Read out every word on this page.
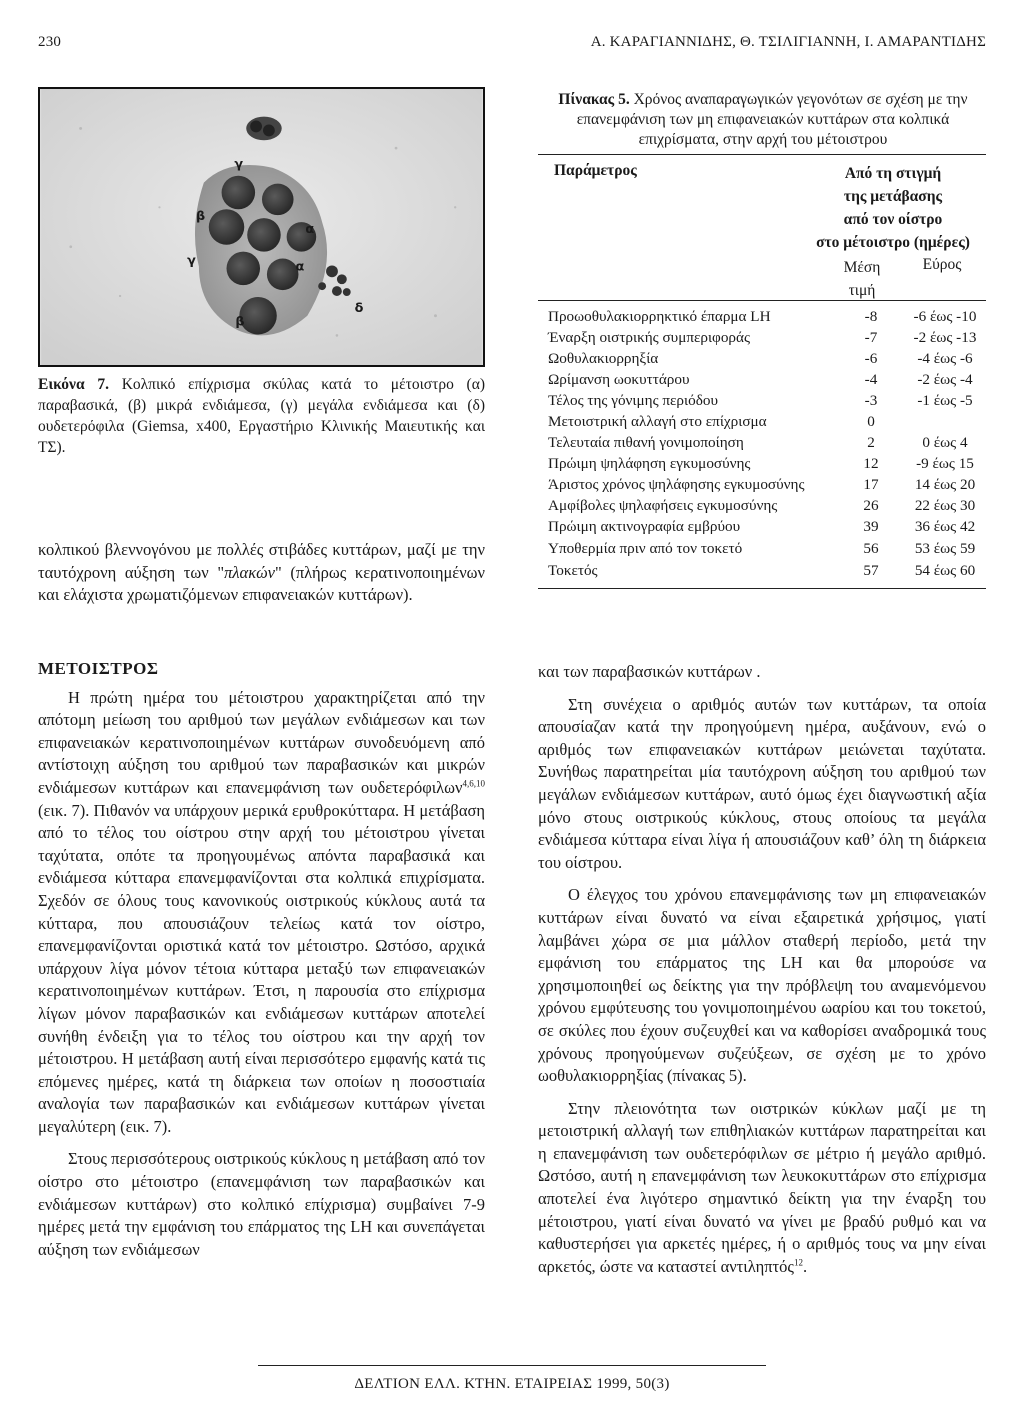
230	Α. ΚΑΡΑΓΙΑΝΝΙΔΗΣ, Θ. ΤΣΙΛΙΓΙΑΝΝΗ, Ι. ΑΜΑΡΑΝΤΙΔΗΣ
γ
β
α
γ	α
δ
β
Εικόνα 7. Κολπικό επίχρισμα σκύλας κατά το μέτοιστρο (α) παραβασικά, (β) μικρά ενδιάμεσα, (γ) μεγάλα ενδιάμεσα και (δ) ουδετερόφιλα (Giemsa, x400, Εργαστήριο Κλινικής Μαιευτικής και ΤΣ).

κολπικού βλεννογόνου με πολλές στιβάδες κυττάρων, μαζί με την ταυτόχρονη αύξηση των "πλακών" (πλήρως κερατινοποιημένων και ελάχιστα χρωματιζόμενων επιφανειακών κυττάρων).

ΜΕΤΟΙΣΤΡΟΣ

Η πρώτη ημέρα του μέτοιστρου χαρακτηρίζεται από την απότομη μείωση του αριθμού των μεγάλων ενδιάμεσων και των επιφανειακών κερατινοποιημένων κυττάρων συνοδευόμενη από αντίστοιχη αύξηση του αριθμού των παραβασικών και μικρών ενδιάμεσων κυττάρων και επανεμφάνιση των ουδετερόφιλων$^{4,6,10}$ (εικ. 7). Πιθανόν να υπάρχουν μερικά ερυθροκύτταρα. Η μετάβαση από το τέλος του οίστρου στην αρχή του μέτοιστρου γίνεται ταχύτατα, οπότε τα προηγουμένως απόντα παραβασικά και ενδιάμεσα κύτταρα επανεμφανίζονται στα κολπικά επιχρίσματα. Σχεδόν σε όλους τους κανονικούς οιστρικούς κύκλους αυτά τα κύτταρα, που απουσιάζουν τελείως κατά τον οίστρο, επανεμφανίζονται οριστικά κατά τον μέτοιστρο. Ωστόσο, αρχικά υπάρχουν λίγα μόνον τέτοια κύτταρα μεταξύ των επιφανειακών κερατινοποιημένων κυττάρων. Έτσι, η παρουσία στο επίχρισμα λίγων μόνον παραβασικών και ενδιάμεσων κυττάρων αποτελεί συνήθη ένδειξη για το τέλος του οίστρου και την αρχή τον μέτοιστρου. Η μετάβαση αυτή είναι περισσότερο εμφανής κατά τις επόμενες ημέρες, κατά τη διάρκεια των οποίων η ποσοστιαία αναλογία των παραβασικών και ενδιάμεσων κυττάρων γίνεται μεγαλύτερη (εικ. 7).

Στους περισσότερους οιστρικούς κύκλους η μετάβαση από τον οίστρο στο μέτοιστρο (επανεμφάνιση των παραβασικών και ενδιάμεσων κυττάρων) στο κολπικό επίχρισμα) συμβαίνει 7-9 ημέρες μετά την εμφάνιση του επάρματος της LH και συνεπάγεται αύξηση των ενδιάμεσων

Πίνακας 5. Χρόνος αναπαραγωγικών γεγονότων σε σχέση με την επανεμφάνιση των μη επιφανειακών κυττάρων στα κολπικά επιχρίσματα, στην αρχή του μέτοιστρου
Παράμετρος	Από τη στιγμή
της μετάβασης
από τον οίστρο
στο μέτοιστρο (ημέρες)
Μέση
τιμή
Εύρος
Προωοθυλακιορρηκτικό έπαρμα LH	-8	-6 έως -10
Έναρξη οιστρικής συμπεριφοράς	-7	-2 έως -13
Ωοθυλακιορρηξία	-6	-4 έως -6
Ωρίμανση ωοκυττάρου	-4	-2 έως -4
Τέλος της γόνιμης περιόδου	-3	-1 έως -5
Μετοιστρική αλλαγή στο επίχρισμα	0
Τελευταία πιθανή γονιμοποίηση	2	0 έως 4
Πρώιμη ψηλάφηση εγκυμοσύνης	12	-9 έως 15
Άριστος χρόνος ψηλάφησης εγκυμοσύνης	17	14 έως 20
Αμφίβολες ψηλαφήσεις εγκυμοσύνης	26	22 έως 30
Πρώιμη ακτινογραφία εμβρύου	39	36 έως 42
Υποθερμία πριν από τον τοκετό	56	53 έως 59
Τοκετός	57	54 έως 60

και των παραβασικών κυττάρων .

Στη συνέχεια ο αριθμός αυτών των κυττάρων, τα οποία απουσίαζαν κατά την προηγούμενη ημέρα, αυξάνουν, ενώ ο αριθμός των επιφανειακών κυττάρων μειώνεται ταχύτατα. Συνήθως παρατηρείται μία ταυτόχρονη αύξηση του αριθμού των μεγάλων ενδιάμεσων κυττάρων, αυτό όμως έχει διαγνωστική αξία μόνο στους οιστρικούς κύκλους, στους οποίους τα μεγάλα ενδιάμεσα κύτταρα είναι λίγα ή απουσιάζουν καθ’ όλη τη διάρκεια του οίστρου.

Ο έλεγχος του χρόνου επανεμφάνισης των μη επιφανειακών κυττάρων είναι δυνατό να είναι εξαιρετικά χρήσιμος, γιατί λαμβάνει χώρα σε μια μάλλον σταθερή περίοδο, μετά την εμφάνιση του επάρματος της LH και θα μπορούσε να χρησιμοποιηθεί ως δείκτης για την πρόβλεψη του αναμενόμενου χρόνου εμφύτευσης του γονιμοποιημένου ωαρίου και του τοκετού, σε σκύλες που έχουν συζευχθεί και να καθορίσει αναδρομικά τους χρόνους προηγούμενων συζεύξεων, σε σχέση με το χρόνο ωοθυλακιορρηξίας (πίνακας 5).

Στην πλειονότητα των οιστρικών κύκλων μαζί με τη μετοιστρική αλλαγή των επιθηλιακών κυττάρων παρατηρείται και η επανεμφάνιση των ουδετερόφιλων σε μέτριο ή μεγάλο αριθμό. Ωστόσο, αυτή η επανεμφάνιση των λευκοκυττάρων στο επίχρισμα αποτελεί ένα λιγότερο σημαντικό δείκτη για την έναρξη του μέτοιστρου, γιατί είναι δυνατό να γίνει με βραδύ ρυθμό και να καθυστερήσει για αρκετές ημέρες, ή ο αριθμός τους να μην είναι αρκετός, ώστε να καταστεί αντιληπτός$^{12}$.

ΔΕΛΤΙΟΝ ΕΛΛ. ΚΤΗΝ. ΕΤΑΙΡΕΙΑΣ 1999, 50(3)
